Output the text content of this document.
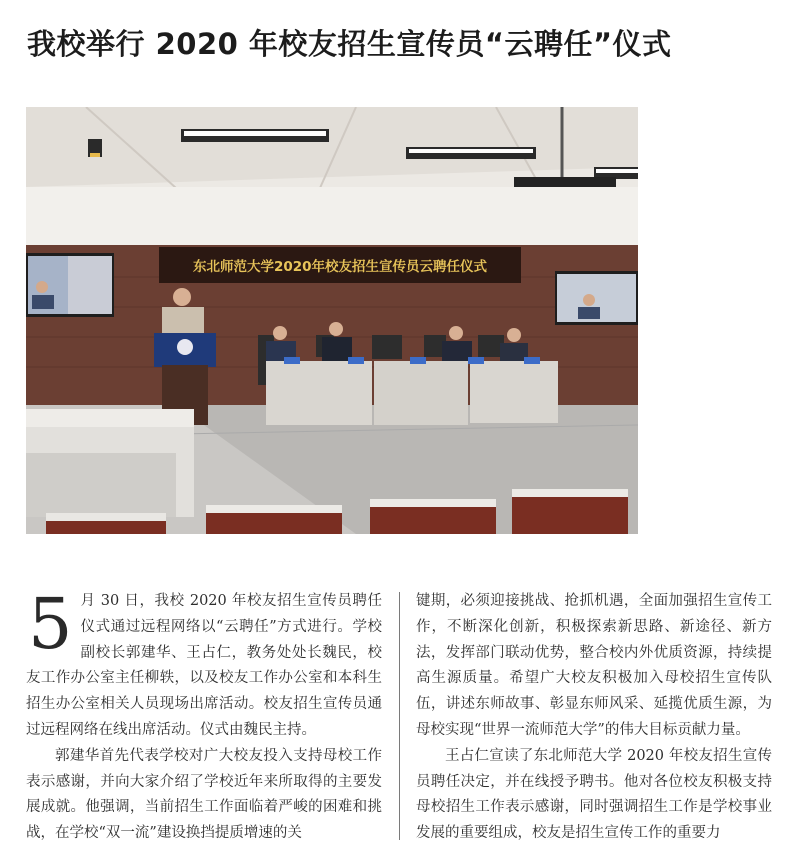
我校举行 2020 年校友招生宣传员“云聘任”仪式
东北师范大学2020年校友招生宣传员云聘任仪式

5 月 30 日，我校 2020 年校友招生宣传员聘任仪式通过远程网络以“云聘任”方式进行。学校副校长郭建华、王占仁，教务处处长魏民，校友工作办公室主任柳轶，以及校友工作办公室和本科生招生办公室相关人员现场出席活动。校友招生宣传员通过远程网络在线出席活动。仪式由魏民主持。

郭建华首先代表学校对广大校友投入支持母校工作表示感谢，并向大家介绍了学校近年来所取得的主要发展成就。他强调，当前招生工作面临着严峻的困难和挑战，在学校“双一流”建设换挡提质增速的关

键期，必须迎接挑战、抢抓机遇，全面加强招生宣传工作，不断深化创新，积极探索新思路、新途径、新方法，发挥部门联动优势，整合校内外优质资源，持续提高生源质量。希望广大校友积极加入母校招生宣传队伍，讲述东师故事、彰显东师风采、延揽优质生源，为母校实现“世界一流师范大学”的伟大目标贡献力量。

王占仁宣读了东北师范大学 2020 年校友招生宣传员聘任决定，并在线授予聘书。他对各位校友积极支持母校招生工作表示感谢，同时强调招生工作是学校事业发展的重要组成，校友是招生宣传工作的重要力
